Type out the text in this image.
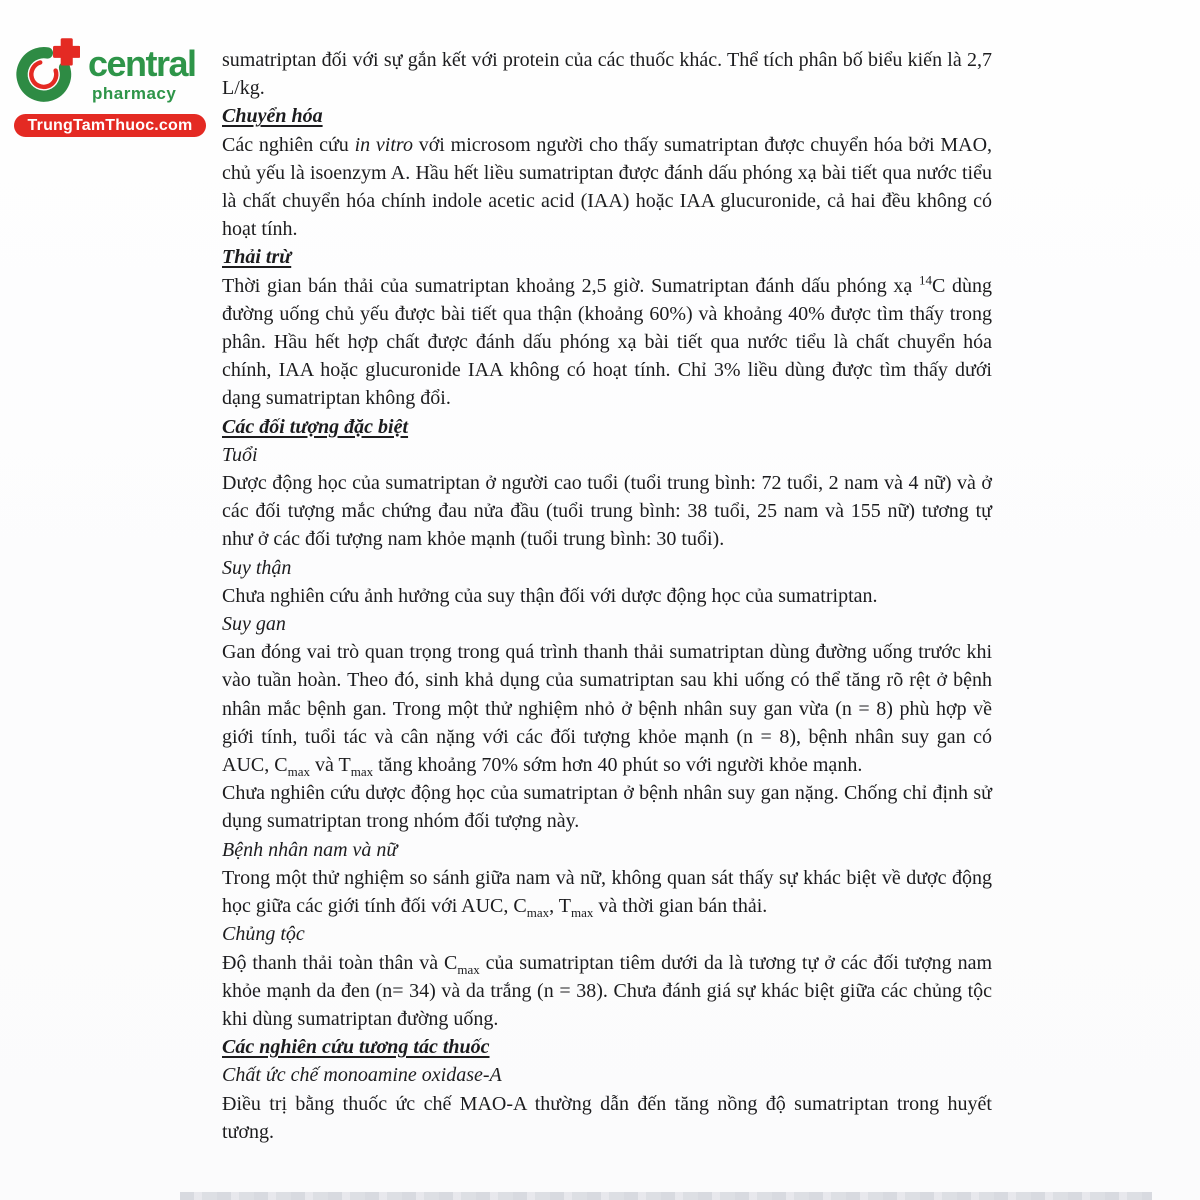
central
pharmacy
TrungTamThuoc.com
sumatriptan đối với sự gắn kết với protein của các thuốc khác. Thể tích phân bố biểu kiến là 2,7 L/kg.
Chuyển hóa
Các nghiên cứu in vitro với microsom người cho thấy sumatriptan được chuyển hóa bởi MAO, chủ yếu là isoenzym A. Hầu hết liều sumatriptan được đánh dấu phóng xạ bài tiết qua nước tiểu là chất chuyển hóa chính indole acetic acid (IAA) hoặc IAA glucuronide, cả hai đều không có hoạt tính.
Thải trừ
Thời gian bán thải của sumatriptan khoảng 2,5 giờ. Sumatriptan đánh dấu phóng xạ $^{14}$C dùng đường uống chủ yếu được bài tiết qua thận (khoảng 60%) và khoảng 40% được tìm thấy trong phân. Hầu hết hợp chất được đánh dấu phóng xạ bài tiết qua nước tiểu là chất chuyển hóa chính, IAA hoặc glucuronide IAA không có hoạt tính. Chỉ 3% liều dùng được tìm thấy dưới dạng sumatriptan không đổi.
Các đối tượng đặc biệt
Tuổi
Dược động học của sumatriptan ở người cao tuổi (tuổi trung bình: 72 tuổi, 2 nam và 4 nữ) và ở các đối tượng mắc chứng đau nửa đầu (tuổi trung bình: 38 tuổi, 25 nam và 155 nữ) tương tự như ở các đối tượng nam khỏe mạnh (tuổi trung bình: 30 tuổi).
Suy thận
Chưa nghiên cứu ảnh hưởng của suy thận đối với dược động học của sumatriptan.
Suy gan
Gan đóng vai trò quan trọng trong quá trình thanh thải sumatriptan dùng đường uống trước khi vào tuần hoàn. Theo đó, sinh khả dụng của sumatriptan sau khi uống có thể tăng rõ rệt ở bệnh nhân mắc bệnh gan. Trong một thử nghiệm nhỏ ở bệnh nhân suy gan vừa (n = 8) phù hợp về giới tính, tuổi tác và cân nặng với các đối tượng khỏe mạnh (n = 8), bệnh nhân suy gan có AUC, $C_{max}$ và $T_{max}$ tăng khoảng 70% sớm hơn 40 phút so với người khỏe mạnh.
Chưa nghiên cứu dược động học của sumatriptan ở bệnh nhân suy gan nặng. Chống chỉ định sử dụng sumatriptan trong nhóm đối tượng này.
Bệnh nhân nam và nữ
Trong một thử nghiệm so sánh giữa nam và nữ, không quan sát thấy sự khác biệt về dược động học giữa các giới tính đối với AUC, $C_{max}$, $T_{max}$ và thời gian bán thải.
Chủng tộc
Độ thanh thải toàn thân và $C_{max}$ của sumatriptan tiêm dưới da là tương tự ở các đối tượng nam khỏe mạnh da đen (n= 34) và da trắng (n = 38). Chưa đánh giá sự khác biệt giữa các chủng tộc khi dùng sumatriptan đường uống.
Các nghiên cứu tương tác thuốc
Chất ức chế monoamine oxidase-A
Điều trị bằng thuốc ức chế MAO-A thường dẫn đến tăng nồng độ sumatriptan trong huyết tương.
